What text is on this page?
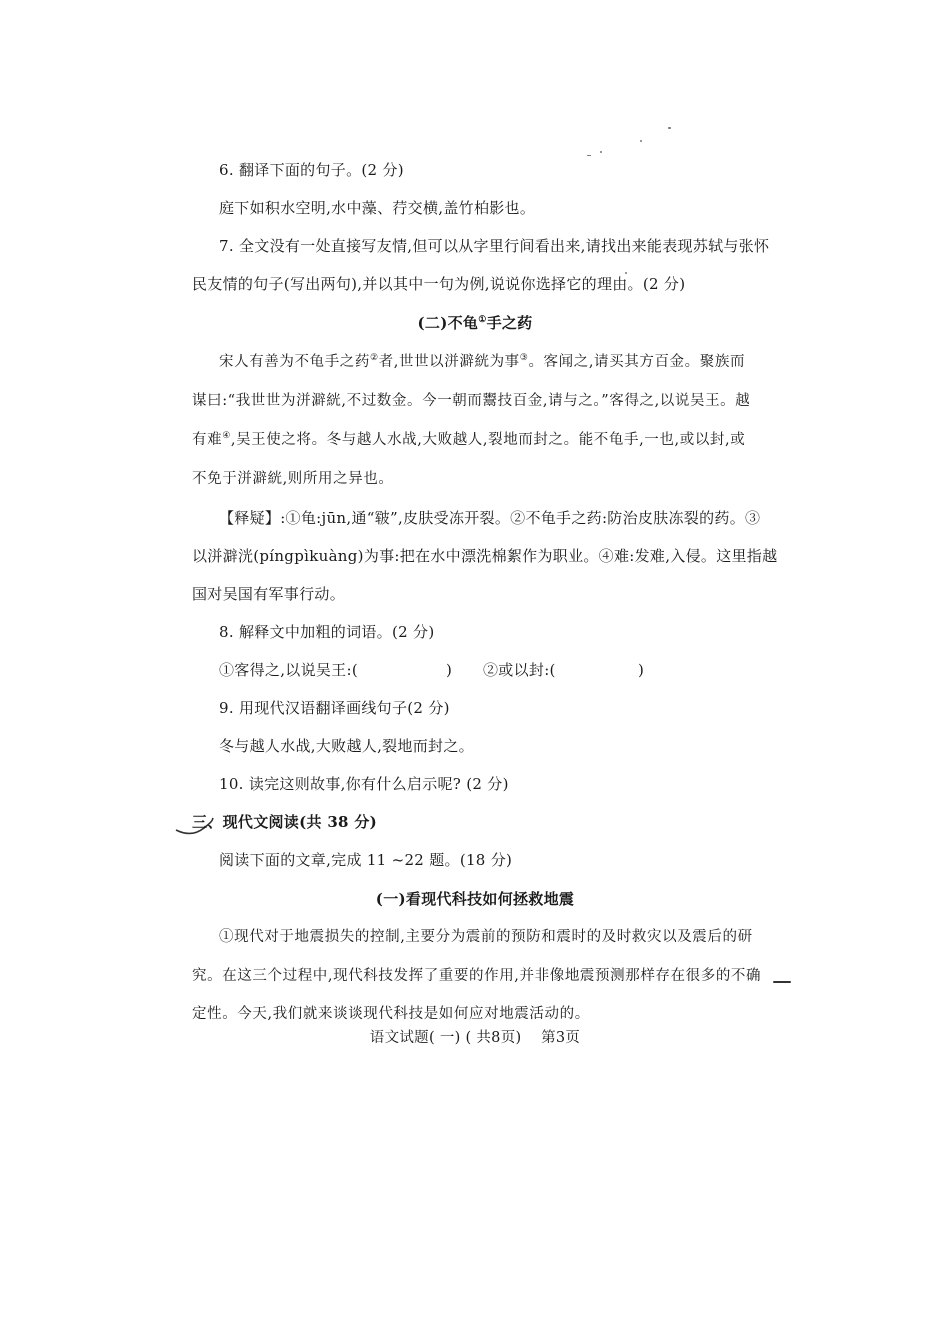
6. 翻译下面的句子。(2 分)
庭下如积水空明,水中藻、荇交横,盖竹柏影也。
7. 全文没有一处直接写友情,但可以从字里行间看出来,请找出来能表现苏轼与张怀
民友情的句子(写出两句),并以其中一句为例,说说你选择它的理由。(2 分)
(二)不龟①手之药
宋人有善为不龟手之药②者,世世以洴澼絖为事③。客闻之,请买其方百金。聚族而
谋曰:“我世世为洴澼絖,不过数金。今一朝而鬻技百金,请与之。”客得之,以说吴王。越
有难④,吴王使之将。冬与越人水战,大败越人,裂地而封之。能不龟手,一也,或以封,或
不免于洴澼絖,则所用之异也。
【释疑】:①龟:jūn,通“皲”,皮肤受冻开裂。②不龟手之药:防治皮肤冻裂的药。③
以洴澼洸(píngpìkuàng)为事:把在水中漂洗棉絮作为职业。④难:发难,入侵。这里指越
国对吴国有军事行动。
8. 解释文中加粗的词语。(2 分)
①客得之,以说吴王:(	) ②或以封:(	)
9. 用现代汉语翻译画线句子(2 分)
冬与越人水战,大败越人,裂地而封之。
10. 读完这则故事,你有什么启示呢? (2 分)
三、现代文阅读(共 38 分)
阅读下面的文章,完成 11 ~22 题。(18 分)
(一)看现代科技如何拯救地震
①现代对于地震损失的控制,主要分为震前的预防和震时的及时救灾以及震后的研
究。在这三个过程中,现代科技发挥了重要的作用,并非像地震预测那样存在很多的不确
定性。今天,我们就来谈谈现代科技是如何应对地震活动的。
语文试题( 一) ( 共8页)    第3页
